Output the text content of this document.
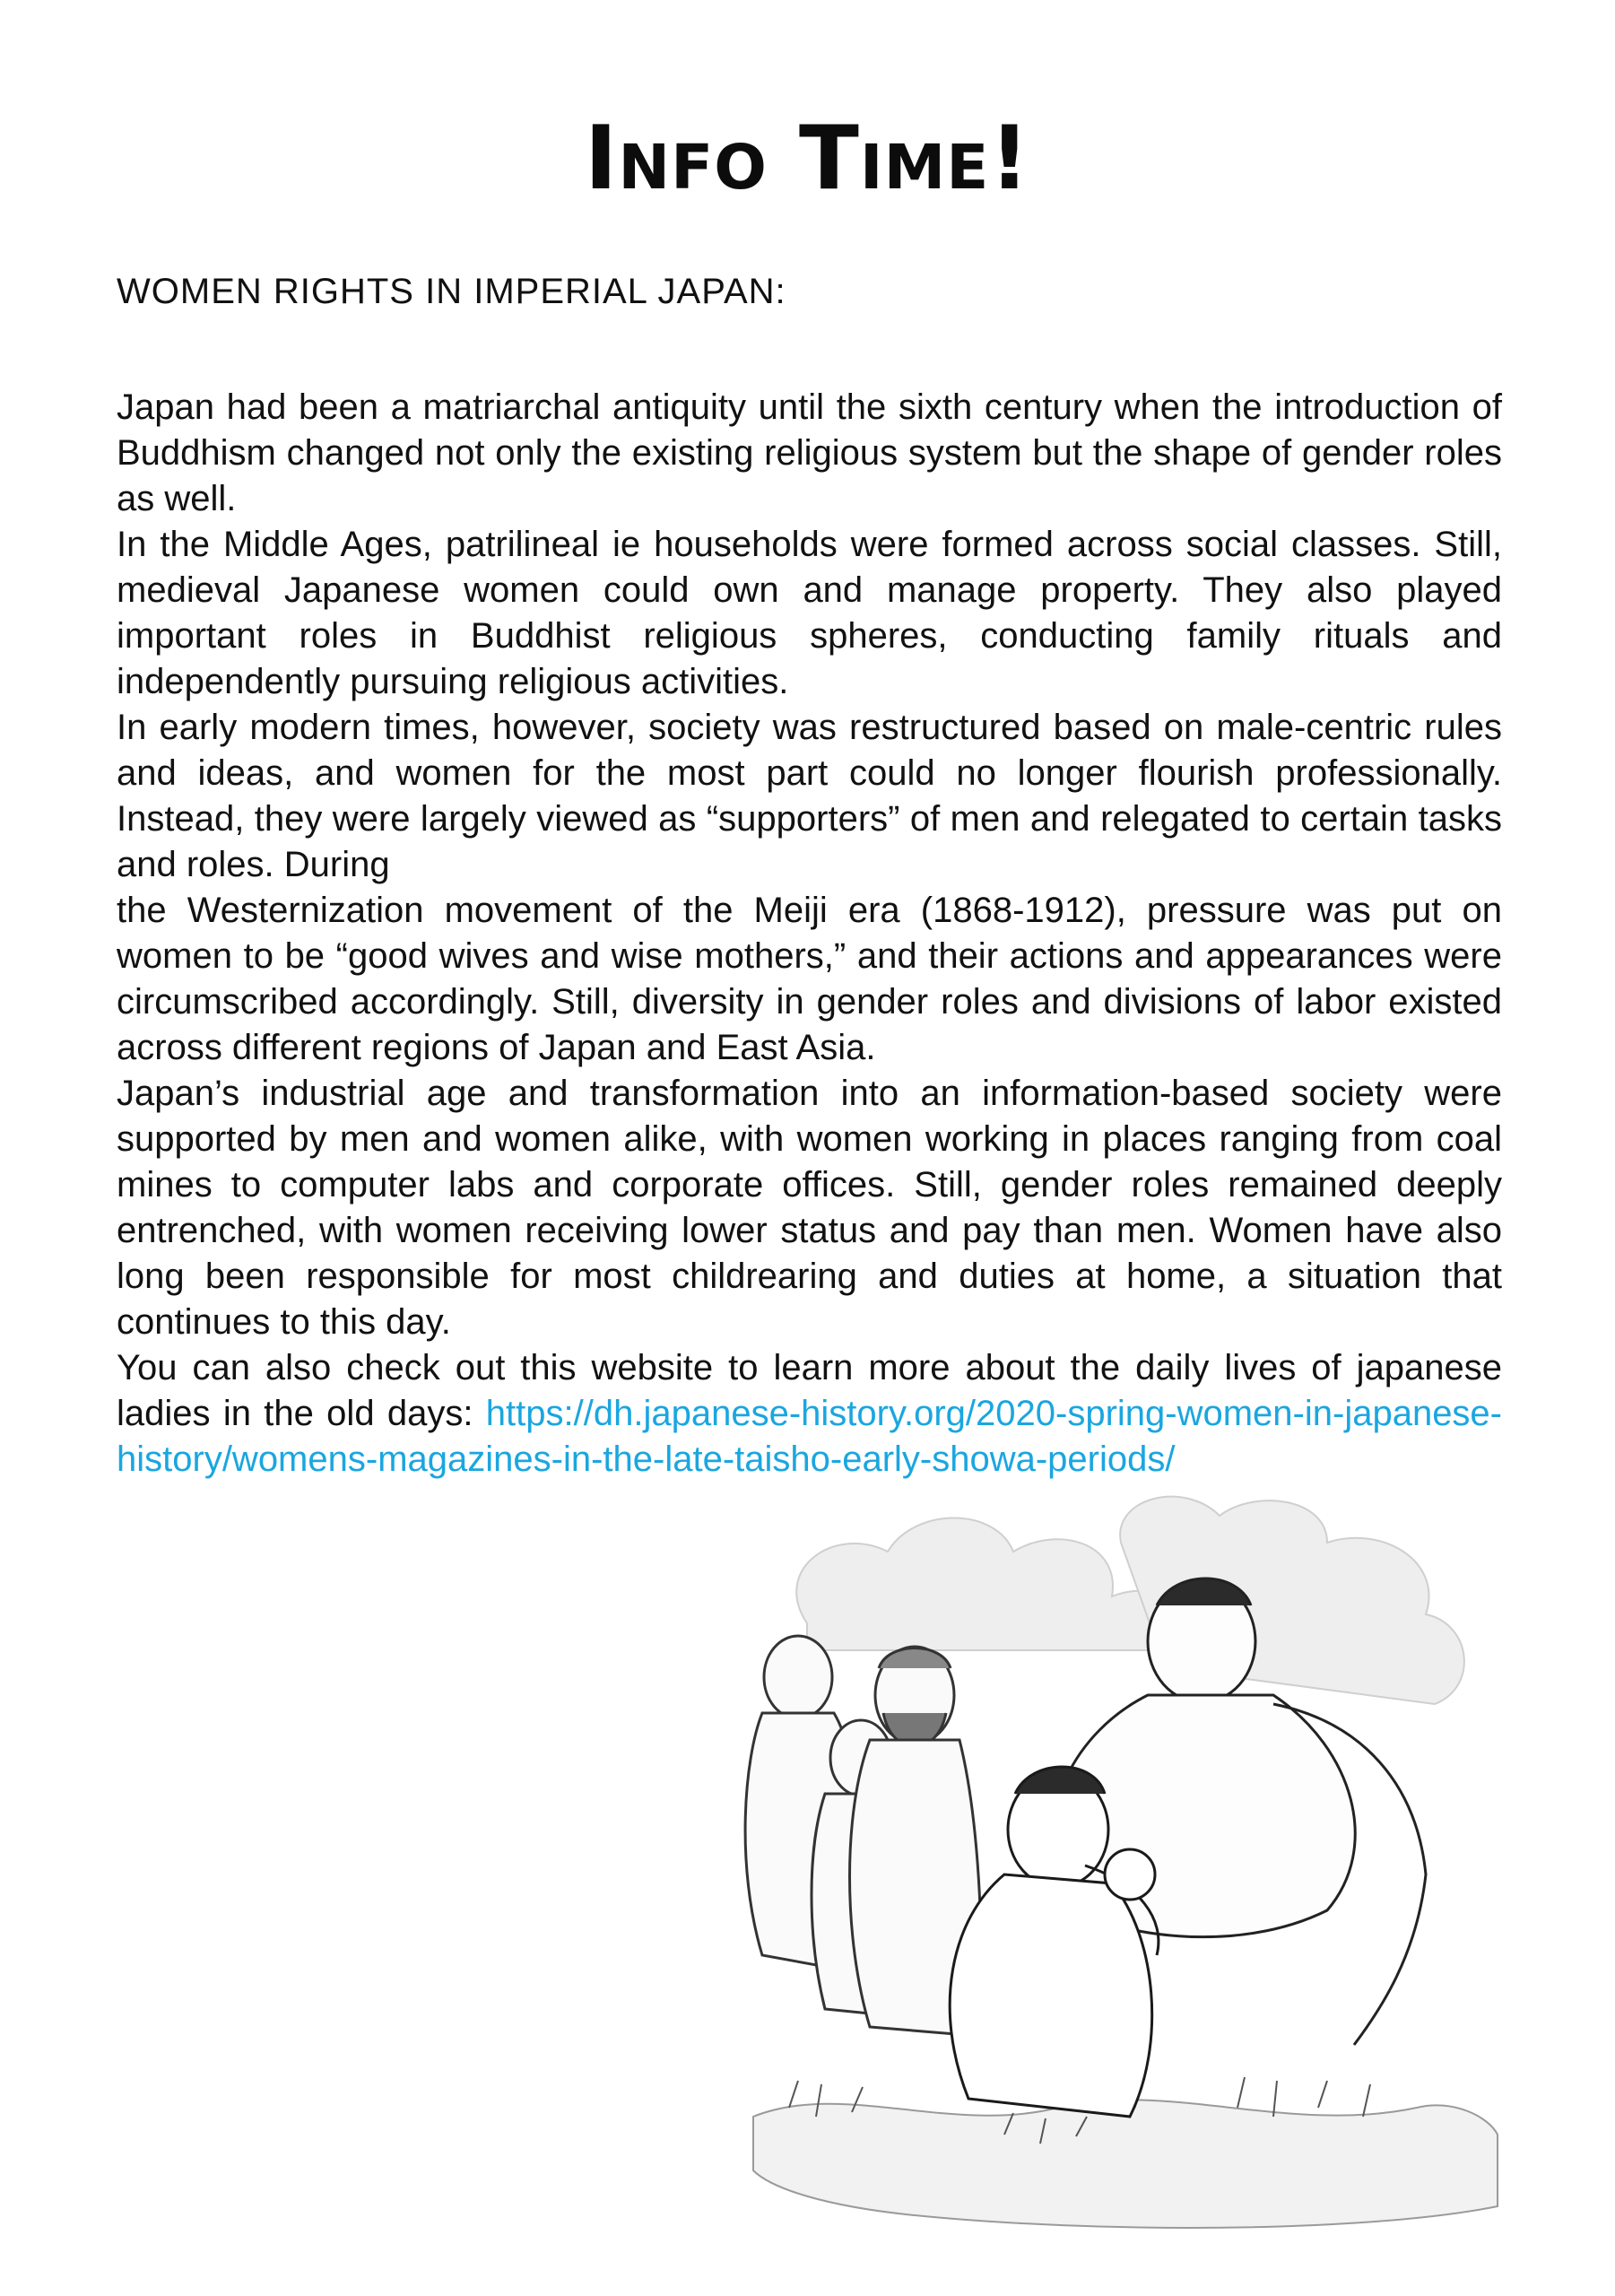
Info Time!
WOMEN RIGHTS IN IMPERIAL JAPAN:

Japan had been a matriarchal antiquity until the sixth century when the introduction of Buddhism changed not only the existing religious system but the shape of gender roles as well.

In the Middle Ages, patrilineal ie households were formed across social classes. Still, medieval Japanese women could own and manage property. They also played important roles in Buddhist religious spheres, conducting family rituals and independently pursuing religious activities.

In early modern times, however, society was restructured based on male-centric rules and ideas, and women for the most part could no longer flourish professionally. Instead, they were largely viewed as “supporters” of men and relegated to certain tasks and roles. During

the Westernization movement of the Meiji era (1868-1912), pressure was put on women to be “good wives and wise mothers,” and their actions and appearances were circumscribed accordingly. Still, diversity in gender roles and divisions of labor existed across different regions of Japan and East Asia.

Japan’s industrial age and transformation into an information-based society were supported by men and women alike, with women working in places ranging from coal mines to computer labs and corporate offices. Still, gender roles remained deeply entrenched, with women receiving lower status and pay than men. Women have also long been responsible for most childrearing and duties at home, a situation that continues to this day.

You can also check out this website to learn more about the daily lives of japanese ladies in the old days: https://dh.japanese-history.org/2020-spring-women-in-japanese-history/womens-magazines-in-the-late-taisho-early-showa-periods/
